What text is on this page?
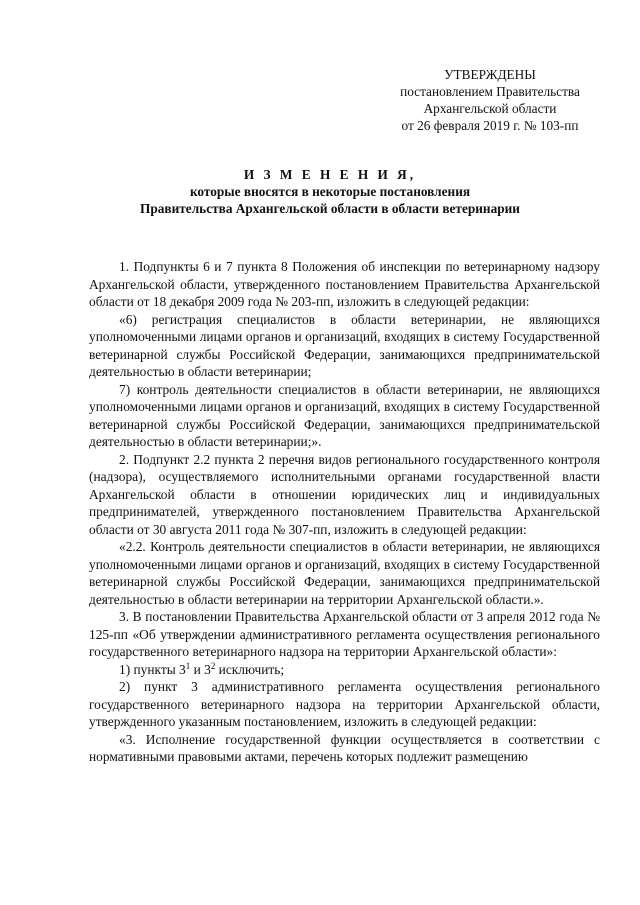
УТВЕРЖДЕНЫ
постановлением Правительства
Архангельской области
от 26 февраля 2019 г. № 103-пп
И З М Е Н Е Н И Я,
которые вносятся в некоторые постановления
Правительства Архангельской области в области ветеринарии

1. Подпункты 6 и 7 пункта 8 Положения об инспекции по ветеринарному надзору Архангельской области, утвержденного постановлением Правительства Архангельской области от 18 декабря 2009 года № 203-пп, изложить в следующей редакции:

«6) регистрация специалистов в области ветеринарии, не являющихся уполномоченными лицами органов и организаций, входящих в систему Государственной ветеринарной службы Российской Федерации, занимающихся предпринимательской деятельностью в области ветеринарии;

7) контроль деятельности специалистов в области ветеринарии, не являющихся уполномоченными лицами органов и организаций, входящих в систему Государственной ветеринарной службы Российской Федерации, занимающихся предпринимательской деятельностью в области ветеринарии;».

2. Подпункт 2.2 пункта 2 перечня видов регионального государственного контроля (надзора), осуществляемого исполнительными органами государственной власти Архангельской области в отношении юридических лиц и индивидуальных предпринимателей, утвержденного постановлением Правительства Архангельской области от 30 августа 2011 года № 307-пп, изложить в следующей редакции:

«2.2. Контроль деятельности специалистов в области ветеринарии, не являющихся уполномоченными лицами органов и организаций, входящих в систему Государственной ветеринарной службы Российской Федерации, занимающихся предпринимательской деятельностью в области ветеринарии на территории Архангельской области.».

3. В постановлении Правительства Архангельской области от 3 апреля 2012 года № 125-пп «Об утверждении административного регламента осуществления регионального государственного ветеринарного надзора на территории Архангельской области»:

1) пункты $3^1$ и $3^2$ исключить;

2) пункт 3 административного регламента осуществления регионального государственного ветеринарного надзора на территории Архангельской области, утвержденного указанным постановлением, изложить в следующей редакции:

«3. Исполнение государственной функции осуществляется в соответствии с нормативными правовыми актами, перечень которых подлежит размещению
